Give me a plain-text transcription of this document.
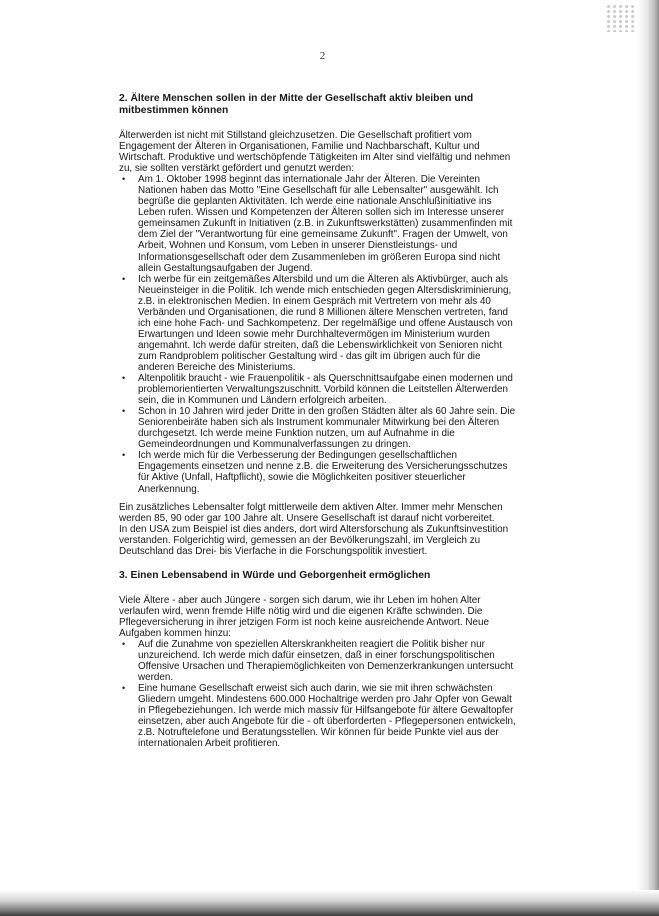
2
2. Ältere Menschen sollen in der Mitte der Gesellschaft aktiv bleiben und mitbestimmen können

Älterwerden ist nicht mit Stillstand gleichzusetzen. Die Gesellschaft profitiert vom Engagement der Älteren in Organisationen, Familie und Nachbarschaft, Kultur und Wirtschaft. Produktive und wertschöpfende Tätigkeiten im Alter sind vielfältig und nehmen zu, sie sollten verstärkt gefördert und genutzt werden:

• Am 1. Oktober 1998 beginnt das internationale Jahr der Älteren. Die Vereinten Nationen haben das Motto "Eine Gesellschaft für alle Lebensalter" ausgewählt. Ich begrüße die geplanten Aktivitäten. Ich werde eine nationale Anschlußinitiative ins Leben rufen. Wissen und Kompetenzen der Älteren sollen sich im Interesse unserer gemeinsamen Zukunft in Initiativen (z.B. in Zukunftswerkstätten) zusammenfinden mit dem Ziel der "Verantwortung für eine gemeinsame Zukunft". Fragen der Umwelt, von Arbeit, Wohnen und Konsum, vom Leben in unserer Dienstleistungs- und Informationsgesellschaft oder dem Zusammenleben im größeren Europa sind nicht allein Gestaltungsaufgaben der Jugend.
• Ich werbe für ein zeitgemäßes Altersbild und um die Älteren als Aktivbürger, auch als Neueinsteiger in die Politik. Ich wende mich entschieden gegen Altersdiskriminierung, z.B. in elektronischen Medien. In einem Gespräch mit Vertretern von mehr als 40 Verbänden und Organisationen, die rund 8 Millionen ältere Menschen vertreten, fand ich eine hohe Fach- und Sachkompetenz. Der regelmäßige und offene Austausch von Erwartungen und Ideen sowie mehr Durchhaltevermögen im Ministerium wurden angemahnt. Ich werde dafür streiten, daß die Lebenswirklichkeit von Senioren nicht zum Randproblem politischer Gestaltung wird - das gilt im übrigen auch für die anderen Bereiche des Ministeriums.
• Altenpolitik braucht - wie Frauenpolitik - als Querschnittsaufgabe einen modernen und problemorientierten Verwaltungszuschnitt. Vorbild können die Leitstellen Älterwerden sein, die in Kommunen und Ländern erfolgreich arbeiten.
• Schon in 10 Jahren wird jeder Dritte in den großen Städten älter als 60 Jahre sein. Die Seniorenbeiräte haben sich als Instrument kommunaler Mitwirkung bei den Älteren durchgesetzt. Ich werde meine Funktion nutzen, um auf Aufnahme in die Gemeindeordnungen und Kommunalverfassungen zu dringen.
• Ich werde mich für die Verbesserung der Bedingungen gesellschaftlichen Engagements einsetzen und nenne z.B. die Erweiterung des Versicherungsschutzes für Aktive (Unfall, Haftpflicht), sowie die Möglichkeiten positiver steuerlicher Anerkennung.

Ein zusätzliches Lebensalter folgt mittlerweile dem aktiven Alter. Immer mehr Menschen werden 85, 90 oder gar 100 Jahre alt. Unsere Gesellschaft ist darauf nicht vorbereitet.

In den USA zum Beispiel ist dies anders, dort wird Altersforschung als Zukunftsinvestition verstanden. Folgerichtig wird, gemessen an der Bevölkerungszahl, im Vergleich zu Deutschland das Drei- bis Vierfache in die Forschungspolitik investiert.

3. Einen Lebensabend in Würde und Geborgenheit ermöglichen

Viele Ältere - aber auch Jüngere - sorgen sich darum, wie ihr Leben im hohen Alter verlaufen wird, wenn fremde Hilfe nötig wird und die eigenen Kräfte schwinden. Die Pflegeversicherung in ihrer jetzigen Form ist noch keine ausreichende Antwort. Neue Aufgaben kommen hinzu:

• Auf die Zunahme von speziellen Alterskrankheiten reagiert die Politik bisher nur unzureichend. Ich werde mich dafür einsetzen, daß in einer forschungspolitischen Offensive Ursachen und Therapiemöglichkeiten von Demenzerkrankungen untersucht werden.
• Eine humane Gesellschaft erweist sich auch darin, wie sie mit ihren schwächsten Gliedern umgeht. Mindestens 600.000 Hochaltrige werden pro Jahr Opfer von Gewalt in Pflegebeziehungen. Ich werde mich massiv für Hilfsangebote für ältere Gewaltopfer einsetzen, aber auch Angebote für die - oft überforderten - Pflegepersonen entwickeln, z.B. Notruftelefone und Beratungsstellen. Wir können für beide Punkte viel aus der internationalen Arbeit profitieren.
